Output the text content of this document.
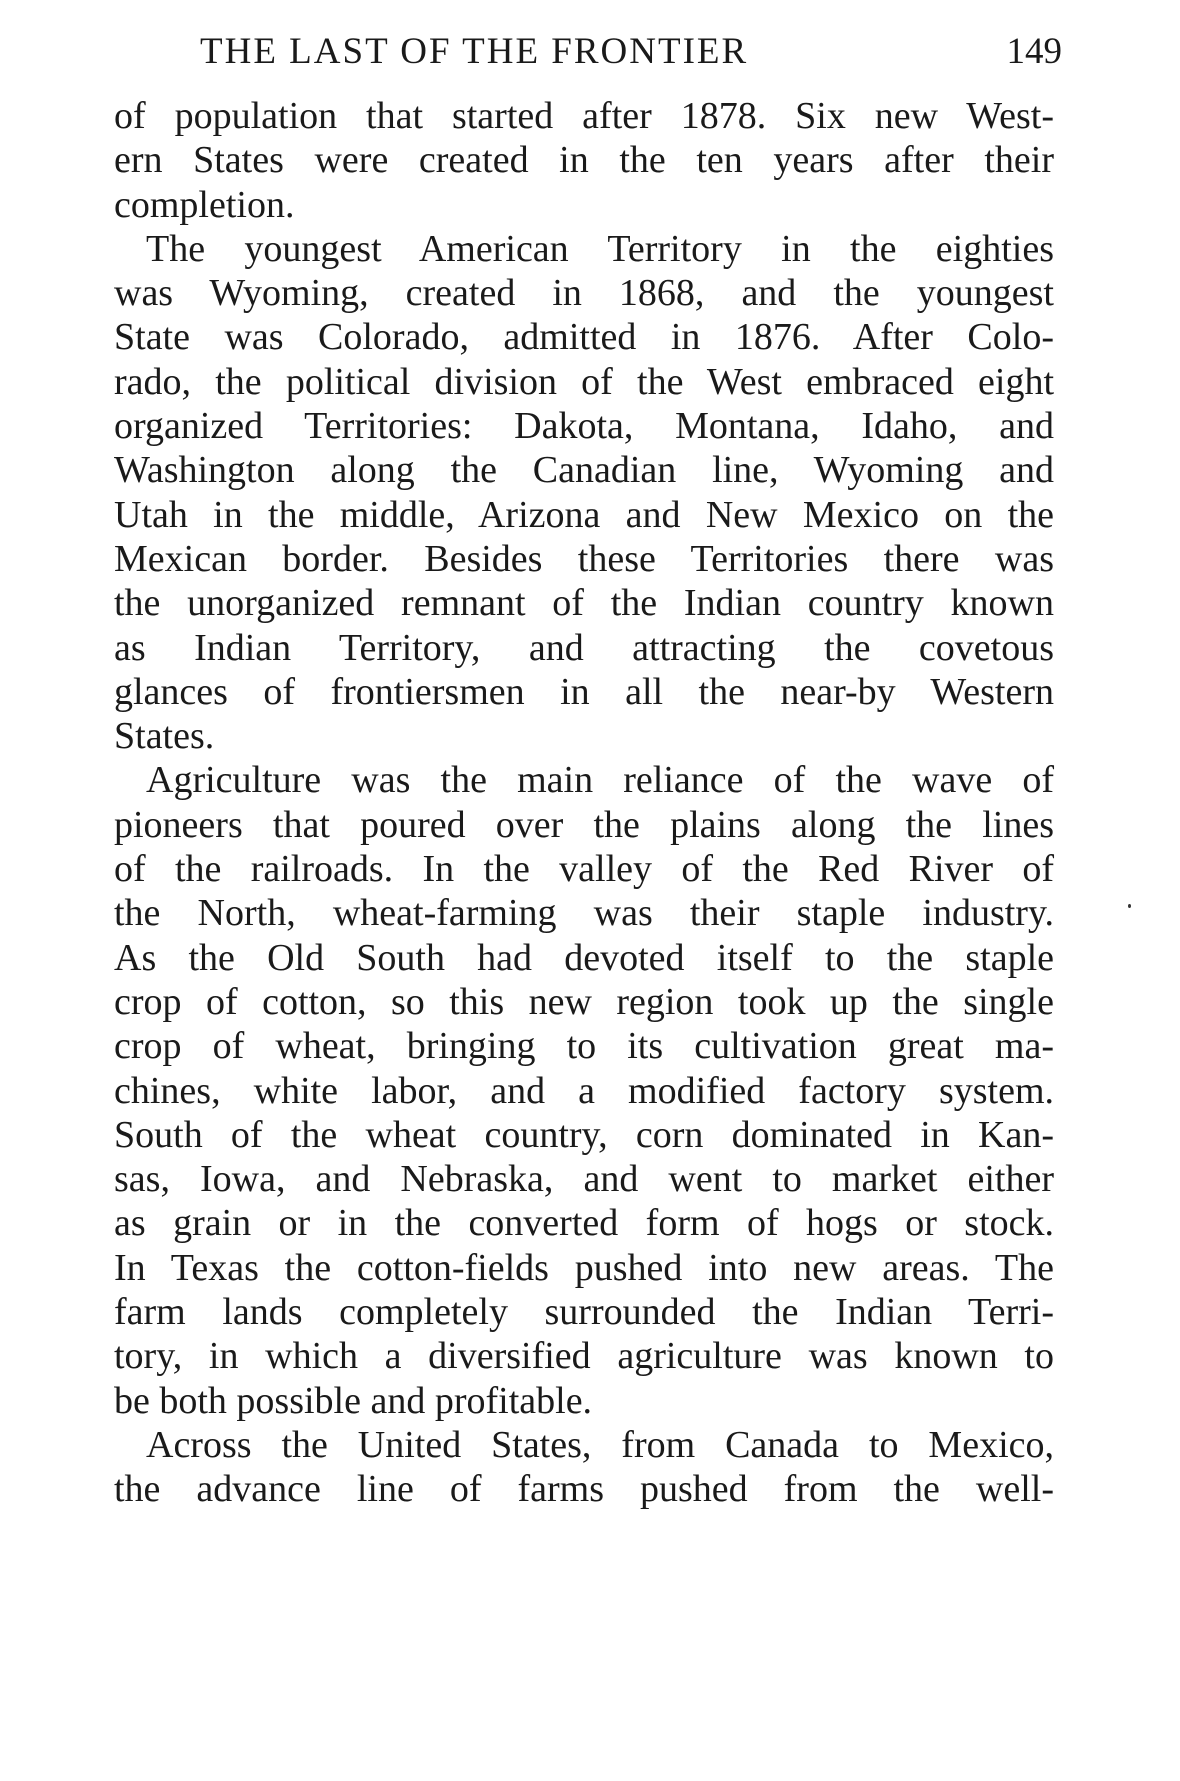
THE LAST OF THE FRONTIER	149
of population that started after 1878. Six new West-
ern States were created in the ten years after their
completion.
The youngest American Territory in the eighties
was Wyoming, created in 1868, and the youngest
State was Colorado, admitted in 1876. After Colo-
rado, the political division of the West embraced eight
organized Territories: Dakota, Montana, Idaho, and
Washington along the Canadian line, Wyoming and
Utah in the middle, Arizona and New Mexico on the
Mexican border. Besides these Territories there was
the unorganized remnant of the Indian country known
as Indian Territory, and attracting the covetous
glances of frontiersmen in all the near-by Western
States.
Agriculture was the main reliance of the wave of
pioneers that poured over the plains along the lines
of the railroads. In the valley of the Red River of
the North, wheat-farming was their staple industry.
As the Old South had devoted itself to the staple
crop of cotton, so this new region took up the single
crop of wheat, bringing to its cultivation great ma-
chines, white labor, and a modified factory system.
South of the wheat country, corn dominated in Kan-
sas, Iowa, and Nebraska, and went to market either
as grain or in the converted form of hogs or stock.
In Texas the cotton-fields pushed into new areas. The
farm lands completely surrounded the Indian Terri-
tory, in which a diversified agriculture was known to
be both possible and profitable.
Across the United States, from Canada to Mexico,
the advance line of farms pushed from the well-
